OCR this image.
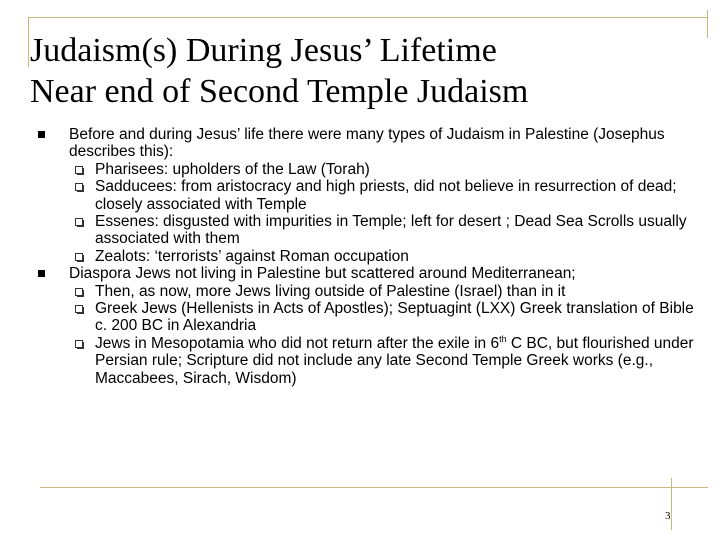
Judaism(s) During Jesus’ Lifetime
Near end of Second Temple Judaism
Before and during Jesus’ life there were many types of Judaism in Palestine (Josephus describes this):
Pharisees: upholders of the Law (Torah)
Sadducees: from aristocracy and high priests, did not believe in resurrection of dead; closely associated with Temple
Essenes: disgusted with impurities in Temple; left for desert ; Dead Sea Scrolls usually associated with them
Zealots: ‘terrorists’ against Roman occupation
Diaspora Jews not living in Palestine but scattered around Mediterranean;
Then, as now, more Jews living outside of Palestine (Israel) than in it
Greek Jews (Hellenists in Acts of Apostles); Septuagint (LXX) Greek translation of Bible c. 200 BC in Alexandria
Jews in Mesopotamia who did not return after the exile in 6th C BC, but flourished under Persian rule; Scripture did not include any late Second Temple Greek works (e.g., Maccabees, Sirach, Wisdom)
3
